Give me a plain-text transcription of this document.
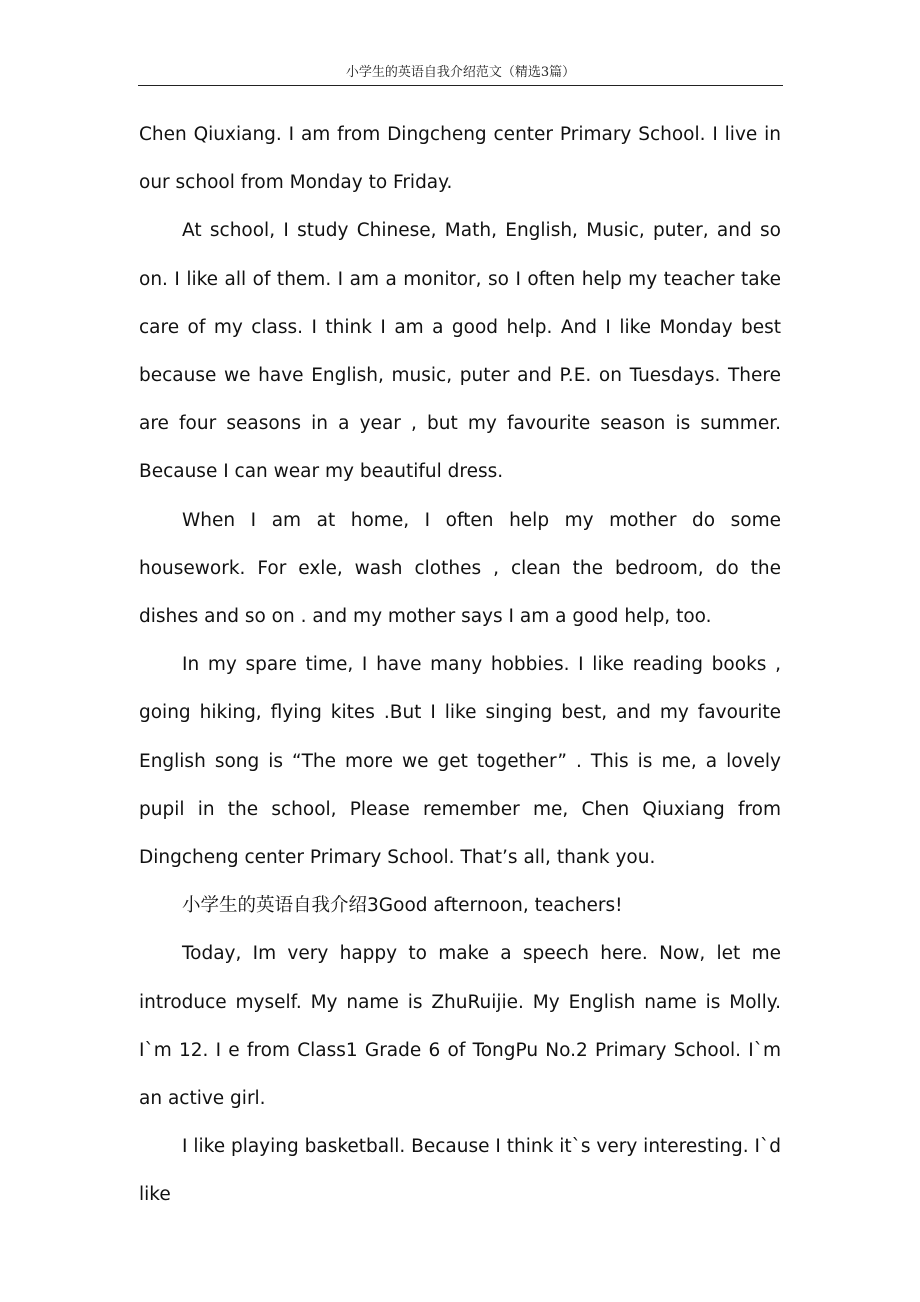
小学生的英语自我介绍范文（精选3篇）

Chen Qiuxiang. I am from Dingcheng center Primary School. I live in our school from Monday to Friday.

At school, I study Chinese, Math, English, Music, puter, and so on. I like all of them. I am a monitor, so I often help my teacher take care of my class. I think I am a good help. And I like Monday best because we have English, music, puter and P.E. on Tuesdays. There are four seasons in a year , but my favourite season is summer. Because I can wear my beautiful dress.

When I am at home, I often help my mother do some housework. For exle, wash clothes , clean the bedroom, do the dishes and so on . and my mother says I am a good help, too.

In my spare time, I have many hobbies. I like reading books , going hiking, flying kites .But I like singing best, and my favourite English song is “The more we get together” . This is me, a lovely pupil in the school, Please remember me, Chen Qiuxiang from Dingcheng center Primary School. That’s all, thank you.

小学生的英语自我介绍3Good afternoon, teachers!

Today, Im very happy to make a speech here. Now, let me introduce myself. My name is ZhuRuijie. My English name is Molly. I`m 12. I e from Class1 Grade 6 of TongPu No.2 Primary School. I`m an active girl.

I like playing basketball. Because I think it`s very interesting. I`d like
